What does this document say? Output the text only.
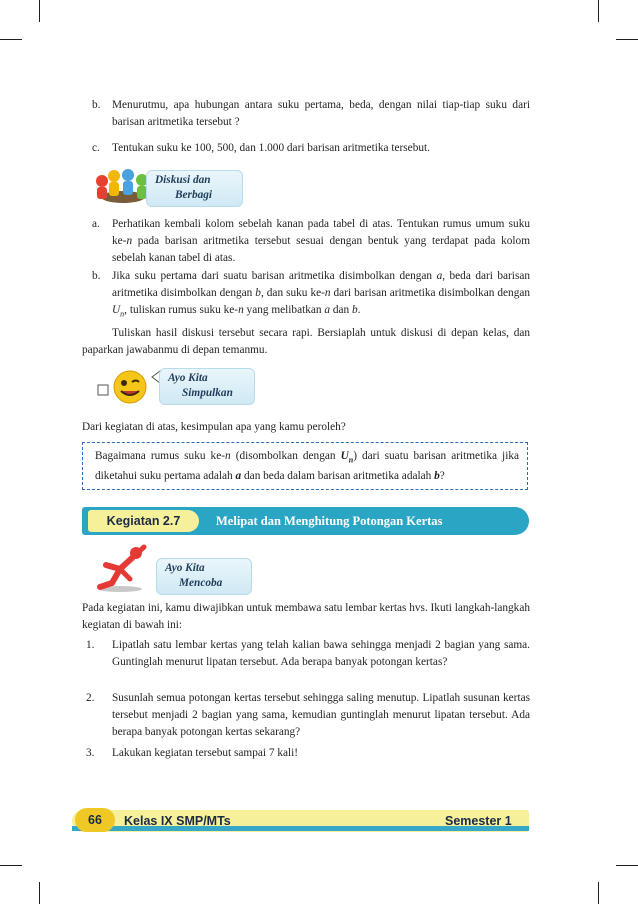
b. Menurutmu, apa hubungan antara suku pertama, beda, dengan nilai tiap-tiap suku dari barisan aritmetika tersebut ?
c. Tentukan suku ke 100, 500, dan 1.000 dari barisan aritmetika tersebut.
Diskusi dan
Berbagi
a. Perhatikan kembali kolom sebelah kanan pada tabel di atas. Tentukan rumus umum suku ke-n pada barisan aritmetika tersebut sesuai dengan bentuk yang terdapat pada kolom sebelah kanan tabel di atas.
b. Jika suku pertama dari suatu barisan aritmetika disimbolkan dengan a, beda dari barisan aritmetika disimbolkan dengan b, dan suku ke-n dari barisan aritmetika disimbolkan dengan $U_n$, tuliskan rumus suku ke-n yang melibatkan a dan b.
Tuliskan hasil diskusi tersebut secara rapi. Bersiaplah untuk diskusi di depan kelas, dan paparkan jawabanmu di depan temanmu.
Ayo Kita
Simpulkan
Dari kegiatan di atas, kesimpulan apa yang kamu peroleh?
Bagaimana rumus suku ke-n (disombolkan dengan $U_n$) dari suatu barisan aritmetika jika diketahui suku pertama adalah a dan beda dalam barisan aritmetika adalah b?
Kegiatan 2.7	Melipat dan Menghitung Potongan Kertas
Ayo Kita
Mencoba
Pada kegiatan ini, kamu diwajibkan untuk membawa satu lembar kertas hvs. Ikuti langkah-langkah kegiatan di bawah ini:
1. Lipatlah satu lembar kertas yang telah kalian bawa sehingga menjadi 2 bagian yang sama. Guntinglah menurut lipatan tersebut. Ada berapa banyak potongan kertas?
2. Susunlah semua potongan kertas tersebut sehingga saling menutup. Lipatlah susunan kertas tersebut menjadi 2 bagian yang sama, kemudian guntinglah menurut lipatan tersebut. Ada berapa banyak potongan kertas sekarang?
3. Lakukan kegiatan tersebut sampai 7 kali!
66	Kelas IX SMP/MTs	Semester 1
